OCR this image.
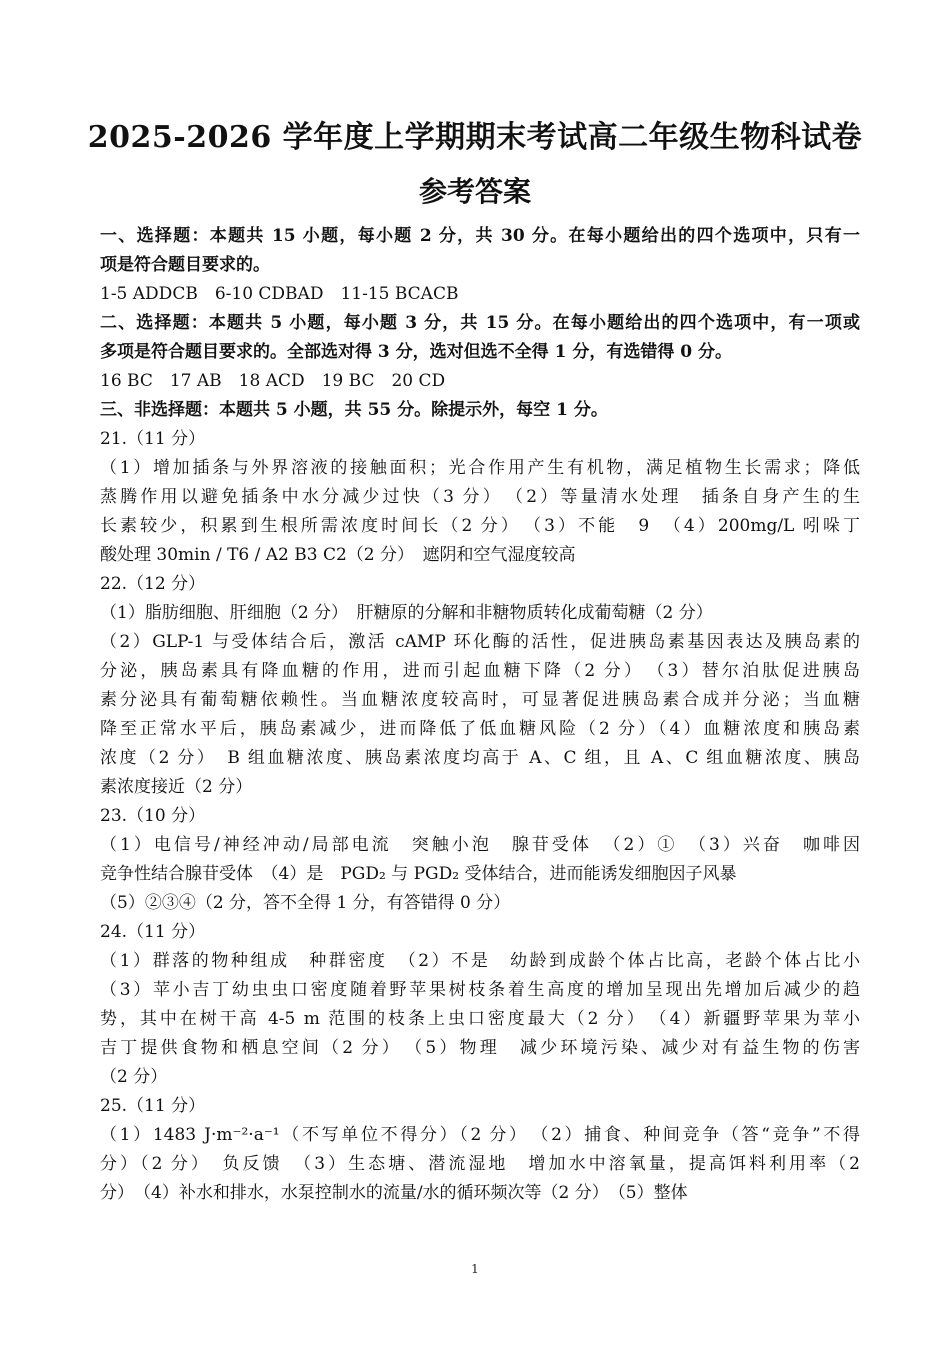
2025-2026 学年度上学期期末考试高二年级生物科试卷
参考答案
一、选择题：本题共 15 小题，每小题 2 分，共 30 分。在每小题给出的四个选项中，只有一
项是符合题目要求的。
1-5 ADDCB　6-10 CDBAD　11-15 BCACB
二、选择题：本题共 5 小题，每小题 3 分，共 15 分。在每小题给出的四个选项中，有一项或
多项是符合题目要求的。全部选对得 3 分，选对但选不全得 1 分，有选错得 0 分。
16 BC　17 AB　18 ACD　19 BC　20 CD
三、非选择题：本题共 5 小题，共 55 分。除提示外，每空 1 分。
21.（11 分）
（1）增加插条与外界溶液的接触面积；光合作用产生有机物，满足植物生长需求；降低
蒸腾作用以避免插条中水分减少过快（3 分）　（2）等量清水处理　插条自身产生的生
长素较少，积累到生根所需浓度时间长（2 分）　（3）不能　9　（4）200mg/L 吲哚丁
酸处理 30min / T6 / A2 B3 C2（2 分）　遮阴和空气湿度较高
22.（12 分）
（1）脂肪细胞、肝细胞（2 分）　肝糖原的分解和非糖物质转化成葡萄糖（2 分）
（2）GLP-1 与受体结合后，激活 cAMP 环化酶的活性，促进胰岛素基因表达及胰岛素的
分泌，胰岛素具有降血糖的作用，进而引起血糖下降（2 分）　（3）替尔泊肽促进胰岛
素分泌具有葡萄糖依赖性。当血糖浓度较高时，可显著促进胰岛素合成并分泌；当血糖
降至正常水平后，胰岛素减少，进而降低了低血糖风险（2 分）（4）血糖浓度和胰岛素
浓度（2 分）　B 组血糖浓度、胰岛素浓度均高于 A、C 组，且 A、C 组血糖浓度、胰岛
素浓度接近（2 分）
23.（10 分）
（1）电信号/神经冲动/局部电流　突触小泡　腺苷受体　（2）①　（3）兴奋　咖啡因
竞争性结合腺苷受体　（4）是　PGD₂ 与 PGD₂ 受体结合，进而能诱发细胞因子风暴
（5）②③④（2 分，答不全得 1 分，有答错得 0 分）
24.（11 分）
（1）群落的物种组成　种群密度　（2）不是　幼龄到成龄个体占比高，老龄个体占比小
（3）苹小吉丁幼虫虫口密度随着野苹果树枝条着生高度的增加呈现出先增加后减少的趋
势，其中在树干高 4-5 m 范围的枝条上虫口密度最大（2 分）　（4）新疆野苹果为苹小
吉丁提供食物和栖息空间（2 分）　（5）物理　减少环境污染、减少对有益生物的伤害
（2 分）
25.（11 分）
（1）1483 J·m⁻²·a⁻¹（不写单位不得分）（2 分）　（2）捕食、种间竞争（答“竞争”不得
分）（2 分）　负反馈　（3）生态塘、潜流湿地　增加水中溶氧量，提高饵料利用率（2
分）　（4）补水和排水，水泵控制水的流量/水的循环频次等（2 分）　（5）整体
1
